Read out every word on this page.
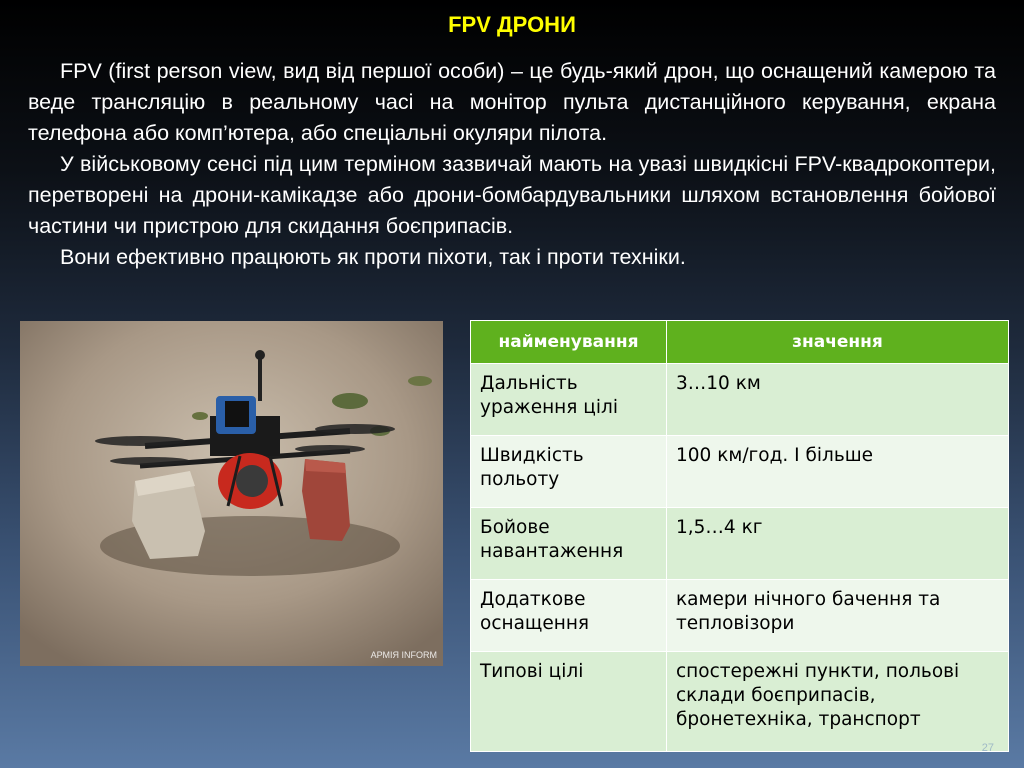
FPV ДРОНИ

FPV (first person view, вид від першої особи) – це будь-який дрон, що оснащений камерою та веде трансляцію в реальному часі на монітор пульта дистанційного керування, екрана телефона або комп’ютера, або спеціальні окуляри пілота.

У військовому сенсі під цим терміном зазвичай мають на увазі швидкісні FPV-квадрокоптери, перетворені на дрони-камікадзе або дрони-бомбардувальники шляхом встановлення бойової частини чи пристрою для скидання боєприпасів.

Вони ефективно працюють як проти піхоти, так і проти техніки.

АРМІЯ INFORM
найменування	значення
Дальність ураження цілі	3…10 км
Швидкість польоту	100 км/год. І більше
Бойове навантаження	1,5…4 кг
Додаткове оснащення	камери нічного бачення та тепловізори
Типові цілі	спостережні пункти, польові склади боєприпасів, бронетехніка, транспорт
27
